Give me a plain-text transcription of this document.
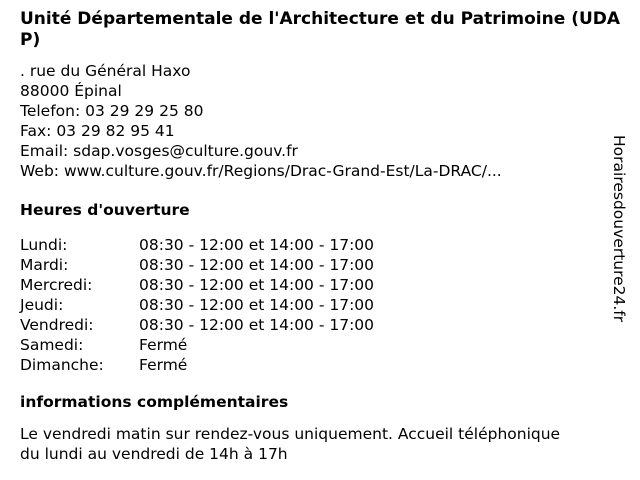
Unité Départementale de l'Architecture et du Patrimoine (UDAP)
. rue du Général Haxo
88000 Épinal
Telefon: 03 29 29 25 80
Fax: 03 29 82 95 41
Email: sdap.vosges@culture.gouv.fr
Web: www.culture.gouv.fr/Regions/Drac-Grand-Est/La-DRAC/...
Heures d'ouverture
Lundi:	08:30 - 12:00 et 14:00 - 17:00
Mardi:	08:30 - 12:00 et 14:00 - 17:00
Mercredi:	08:30 - 12:00 et 14:00 - 17:00
Jeudi:	08:30 - 12:00 et 14:00 - 17:00
Vendredi:	08:30 - 12:00 et 14:00 - 17:00
Samedi:	Fermé
Dimanche:	Fermé
informations complémentaires
Le vendredi matin sur rendez-vous uniquement. Accueil téléphonique
du lundi au vendredi de 14h à 17h
Horairesdouverture24.fr
